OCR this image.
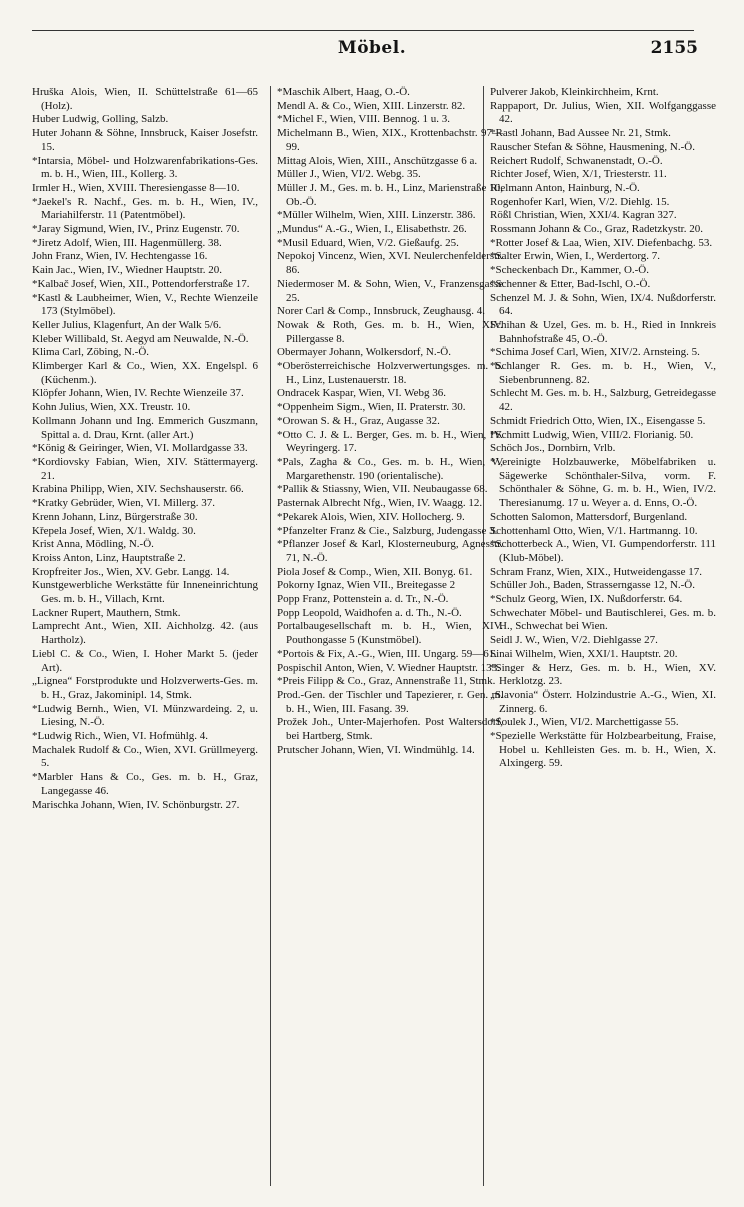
Möbel.	2155

Hruška Alois, Wien, II. Schüttelstraße 61—65 (Holz).

Huber Ludwig, Golling, Salzb.

Huter Johann & Söhne, Innsbruck, Kaiser Josefstr. 15.

*Intarsia, Möbel- und Holzwarenfabrikations-Ges. m. b. H., Wien, III., Kollerg. 3.

Irmler H., Wien, XVIII. Theresiengasse 8—10.

*Jaekel's R. Nachf., Ges. m. b. H., Wien, IV., Mariahilferstr. 11 (Patentmöbel).

*Jaray Sigmund, Wien, IV., Prinz Eugenstr. 70.

*Jiretz Adolf, Wien, III. Hagenmüllerg. 38.

John Franz, Wien, IV. Hechtengasse 16.

Kain Jac., Wien, IV., Wiedner Hauptstr. 20.

*Kalbač Josef, Wien, XII., Pottendorferstraße 17.

*Kastl & Laubheimer, Wien, V., Rechte Wienzeile 173 (Stylmöbel).

Keller Julius, Klagenfurt, An der Walk 5/6.

Kleber Willibald, St. Aegyd am Neuwalde, N.-Ö.

Klima Carl, Zöbing, N.-Ö.

Klimberger Karl & Co., Wien, XX. Engelspl. 6 (Küchenm.).

Klöpfer Johann, Wien, IV. Rechte Wienzeile 37.

Kohn Julius, Wien, XX. Treustr. 10.

Kollmann Johann und Ing. Emmerich Guszmann, Spittal a. d. Drau, Krnt. (aller Art.)

*König & Geiringer, Wien, VI. Mollardgasse 33.

*Kordiovsky Fabian, Wien, XIV. Stättermayerg. 21.

Krabina Philipp, Wien, XIV. Sechshauserstr. 66.

*Kratky Gebrüder, Wien, VI. Millerg. 37.

Krenn Johann, Linz, Bürgerstraße 30.

Křepela Josef, Wien, X/1. Waldg. 30.

Krist Anna, Mödling, N.-Ö.

Kroiss Anton, Linz, Hauptstraße 2.

Kropfreiter Jos., Wien, XV. Gebr. Langg. 14.

Kunstgewerbliche Werkstätte für Inneneinrichtung Ges. m. b. H., Villach, Krnt.

Lackner Rupert, Mauthern, Stmk.

Lamprecht Ant., Wien, XII. Aichholzg. 42. (aus Hartholz).

Liebl C. & Co., Wien, I. Hoher Markt 5. (jeder Art).

„Lignea“ Forstprodukte und Holzverwerts-Ges. m. b. H., Graz, Jakominipl. 14, Stmk.

*Ludwig Bernh., Wien, VI. Münzwardeing. 2, u. Liesing, N.-Ö.

*Ludwig Rich., Wien, VI. Hofmühlg. 4.

Machalek Rudolf & Co., Wien, XVI. Grüllmeyerg. 5.

*Marbler Hans & Co., Ges. m. b. H., Graz, Langegasse 46.

Marischka Johann, Wien, IV. Schönburgstr. 27.

*Maschik Albert, Haag, O.-Ö.

Mendl A. & Co., Wien, XIII. Linzerstr. 82.

*Michel F., Wien, VIII. Bennog. 1 u. 3.

Michelmann B., Wien, XIX., Krottenbachstr. 97—99.

Mittag Alois, Wien, XIII., Anschützgasse 6 a.

Müller J., Wien, VI/2. Webg. 35.

Müller J. M., Ges. m. b. H., Linz, Marienstraße 10, Ob.-Ö.

*Müller Wilhelm, Wien, XIII. Linzerstr. 386.

„Mundus“ A.-G., Wien, I., Elisabethstr. 26.

*Musil Eduard, Wien, V/2. Gießaufg. 25.

Nepokoj Vincenz, Wien, XVI. Neulerchenfelderstr. 86.

Niedermoser M. & Sohn, Wien, V., Franzensgasse 25.

Norer Carl & Comp., Innsbruck, Zeughausg. 4.

Nowak & Roth, Ges. m. b. H., Wien, XIV. Pillergasse 8.

Obermayer Johann, Wolkersdorf, N.-Ö.

*Oberösterreichische Holzverwertungsges. m. b. H., Linz, Lustenauerstr. 18.

Ondracek Kaspar, Wien, VI. Webg 36.

*Oppenheim Sigm., Wien, II. Praterstr. 30.

*Orowan S. & H., Graz, Augasse 32.

*Otto C. J. & L. Berger, Ges. m. b. H., Wien, IV. Weyringerg. 17.

*Pals, Zagha & Co., Ges. m. b. H., Wien, V., Margarethenstr. 190 (orientalische).

*Pallik & Stiassny, Wien, VII. Neubaugasse 68.

Pasternak Albrecht Nfg., Wien, IV. Waagg. 12.

*Pekarek Alois, Wien, XIV. Hollocherg. 9.

*Pfanzelter Franz & Cie., Salzburg, Judengasse 3.

*Pflanzer Josef & Karl, Klosterneuburg, Agnesstr. 71, N.-Ö.

Piola Josef & Comp., Wien, XII. Bonyg. 61.

Pokorny Ignaz, Wien VII., Breitegasse 2

Popp Franz, Pottenstein a. d. Tr., N.-Ö.

Popp Leopold, Waidhofen a. d. Th., N.-Ö.

Portalbaugesellschaft m. b. H., Wien, XIV. Pouthongasse 5 (Kunstmöbel).

*Portois & Fix, A.-G., Wien, III. Ungarg. 59—61.

Pospischil Anton, Wien, V. Wiedner Hauptstr. 133.

*Preis Filipp & Co., Graz, Annenstraße 11, Stmk.

Prod.-Gen. der Tischler und Tapezierer, r. Gen. m. b. H., Wien, III. Fasang. 39.

Prožek Joh., Unter-Majerhofen. Post Waltersdorf, bei Hartberg, Stmk.

Prutscher Johann, Wien, VI. Windmühlg. 14.

Pulverer Jakob, Kleinkirchheim, Krnt.

Rappaport, Dr. Julius, Wien, XII. Wolfganggasse 42.

*Rastl Johann, Bad Aussee Nr. 21, Stmk.

Rauscher Stefan & Söhne, Hausmening, N.-Ö.

Reichert Rudolf, Schwanenstadt, O.-Ö.

Richter Josef, Wien, X/1, Triesterstr. 11.

Rielmann Anton, Hainburg, N.-Ö.

Rogenhofer Karl, Wien, V/2. Diehlg. 15.

Rößl Christian, Wien, XXI/4. Kagran 327.

Rossmann Johann & Co., Graz, Radetzkystr. 20.

*Rotter Josef & Laa, Wien, XIV. Diefenbachg. 53.

*Salter Erwin, Wien, I., Werdertorg. 7.

*Scheckenbach Dr., Kammer, O.-Ö.

*Schenner & Etter, Bad-Ischl, O.-Ö.

Schenzel M. J. & Sohn, Wien, IX/4. Nußdorferstr. 64.

Schihan & Uzel, Ges. m. b. H., Ried in Innkreis Bahnhofstraße 45, O.-Ö.

*Schima Josef Carl, Wien, XIV/2. Arnsteing. 5.

*Schlanger R. Ges. m. b. H., Wien, V., Siebenbrunneng. 82.

Schlecht M. Ges. m. b. H., Salzburg, Getreidegasse 42.

Schmidt Friedrich Otto, Wien, IX., Eisengasse 5.

*Schmitt Ludwig, Wien, VIII/2. Florianig. 50.

Schöch Jos., Dornbirn, Vrlb.

*Vereinigte Holzbauwerke, Möbelfabriken u. Sägewerke Schönthaler-Silva, vorm. F. Schönthaler & Söhne, G. m. b. H., Wien, IV/2. Theresianumg. 17 u. Weyer a. d. Enns, O.-Ö.

Schotten Salomon, Mattersdorf, Burgenland.

Schottenhaml Otto, Wien, V/1. Hartmanng. 10.

*Schotterbeck A., Wien, VI. Gumpendorferstr. 111 (Klub-Möbel).

Schram Franz, Wien, XIX., Hutweidengasse 17.

Schüller Joh., Baden, Strasserngasse 12, N.-Ö.

*Schulz Georg, Wien, IX. Nußdorferstr. 64.

Schwechater Möbel- und Bautischlerei, Ges. m. b. H., Schwechat bei Wien.

Seidl J. W., Wien, V/2. Diehlgasse 27.

Sinai Wilhelm, Wien, XXI/1. Hauptstr. 20.

*Singer & Herz, Ges. m. b. H., Wien, XV. Herklotzg. 23.

„Slavonia“ Österr. Holzindustrie A.-G., Wien, XI. Zinnerg. 6.

*Soulek J., Wien, VI/2. Marchettigasse 55.

*Spezielle Werkstätte für Holzbearbeitung, Fraise, Hobel u. Kehlleisten Ges. m. b. H., Wien, X. Alxingerg. 59.
